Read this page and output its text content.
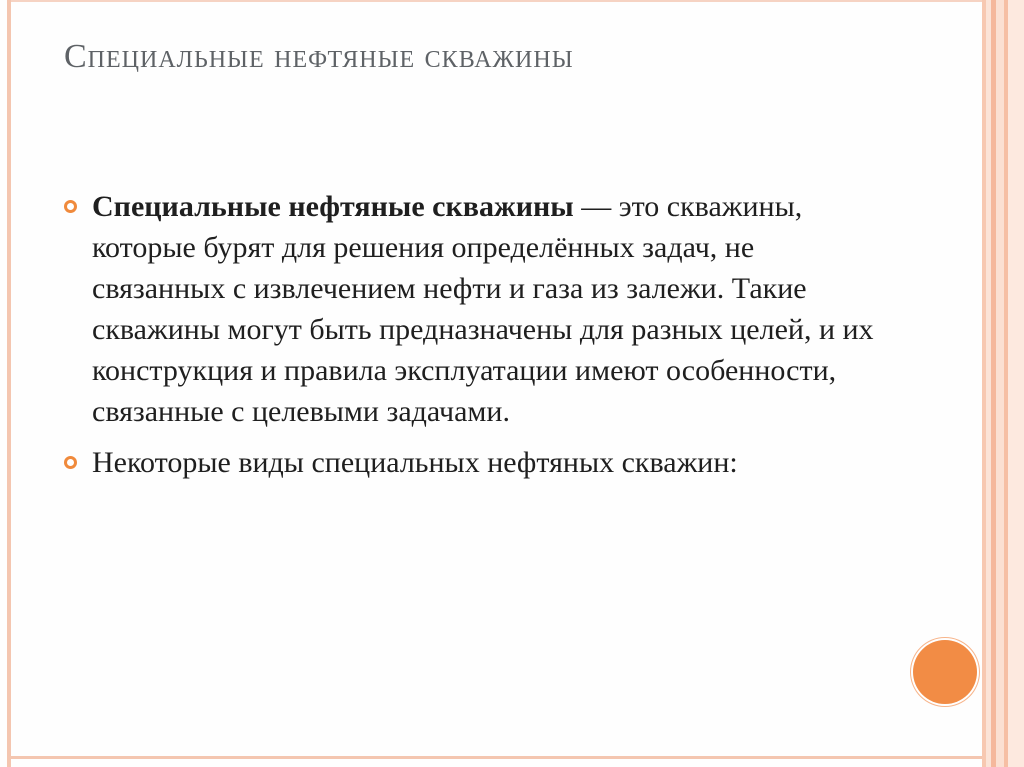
Специальные нефтяные скважины
Специальные нефтяные скважины — это скважины, которые бурят для решения определённых задач, не связанных с извлечением нефти и газа из залежи. Такие скважины могут быть предназначены для разных целей, и их конструкция и правила эксплуатации имеют особенности, связанные с целевыми задачами.
Некоторые виды специальных нефтяных скважин:
